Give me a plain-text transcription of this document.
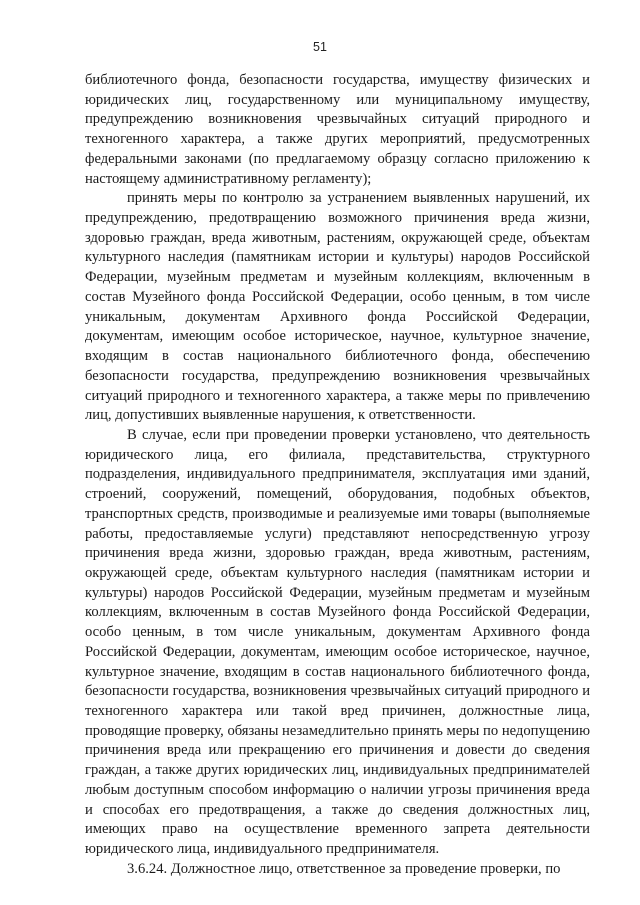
51

библиотечного фонда, безопасности государства, имуществу физических и юридических лиц, государственному или муниципальному имуществу, предупреждению возникновения чрезвычайных ситуаций природного и техногенного характера, а также других мероприятий, предусмотренных федеральными законами (по предлагаемому образцу согласно приложению к настоящему административному регламенту);

принять меры по контролю за устранением выявленных нарушений, их предупреждению, предотвращению возможного причинения вреда жизни, здоровью граждан, вреда животным, растениям, окружающей среде, объектам культурного наследия (памятникам истории и культуры) народов Российской Федерации, музейным предметам и музейным коллекциям, включенным в состав Музейного фонда Российской Федерации, особо ценным, в том числе уникальным, документам Архивного фонда Российской Федерации, документам, имеющим особое историческое, научное, культурное значение, входящим в состав национального библиотечного фонда, обеспечению безопасности государства, предупреждению возникновения чрезвычайных ситуаций природного и техногенного характера, а также меры по привлечению лиц, допустивших выявленные нарушения, к ответственности.

В случае, если при проведении проверки установлено, что деятельность юридического лица, его филиала, представительства, структурного подразделения, индивидуального предпринимателя, эксплуатация ими зданий, строений, сооружений, помещений, оборудования, подобных объектов, транспортных средств, производимые и реализуемые ими товары (выполняемые работы, предоставляемые услуги) представляют непосредственную угрозу причинения вреда жизни, здоровью граждан, вреда животным, растениям, окружающей среде, объектам культурного наследия (памятникам истории и культуры) народов Российской Федерации, музейным предметам и музейным коллекциям, включенным в состав Музейного фонда Российской Федерации, особо ценным, в том числе уникальным, документам Архивного фонда Российской Федерации, документам, имеющим особое историческое, научное, культурное значение, входящим в состав национального библиотечного фонда, безопасности государства, возникновения чрезвычайных ситуаций природного и техногенного характера или такой вред причинен, должностные лица, проводящие проверку, обязаны незамедлительно принять меры по недопущению причинения вреда или прекращению его причинения и довести до сведения граждан, а также других юридических лиц, индивидуальных предпринимателей любым доступным способом информацию о наличии угрозы причинения вреда и способах его предотвращения, а также до сведения должностных лиц, имеющих право на осуществление временного запрета деятельности юридического лица, индивидуального предпринимателя.

3.6.24. Должностное лицо, ответственное за проведение проверки, по
